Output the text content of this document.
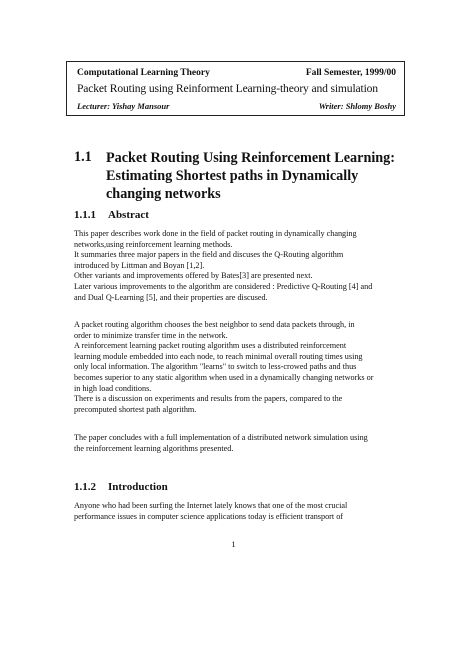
Computational Learning Theory	Fall Semester, 1999/00
Packet Routing using Reinforment Learning-theory and simulation
Lecturer: Yishay Mansour	Writer: Shlomy Boshy
1.1 Packet Routing Using Reinforcement Learning:
Estimating Shortest paths in Dynamically
changing networks
1.1.1 Abstract
This paper describes work done in the field of packet routing in dynamically changing
networks,using reinforcement learning methods.
It summaries three major papers in the field and discuses the Q-Routing algorithm
introduced by Littman and Boyan [1,2].
Other variants and improvements offered by Bates[3] are presented next.
Later various improvements to the algorithm are considered : Predictive Q-Routing [4] and
and Dual Q-Learning [5], and their properties are discused.
A packet routing algorithm chooses the best neighbor to send data packets through, in
order to minimize transfer time in the network.
A reinforcement learning packet routing algorithm uses a distributed reinforcement
learning module embedded into each node, to reach minimal overall routing times using
only local information. The algorithm "learns" to switch to less-crowed paths and thus
becomes superior to any static algorithm when used in a dynamically changing networks or
in high load conditions.
There is a discussion on experiments and results from the papers, compared to the
precomputed shortest path algorithm.
The paper concludes with a full implementation of a distributed network simulation using
the reinforcement learning algorithms presented.
1.1.2 Introduction
Anyone who had been surfing the Internet lately knows that one of the most crucial
performance issues in computer science applications today is efficient transport of
1
